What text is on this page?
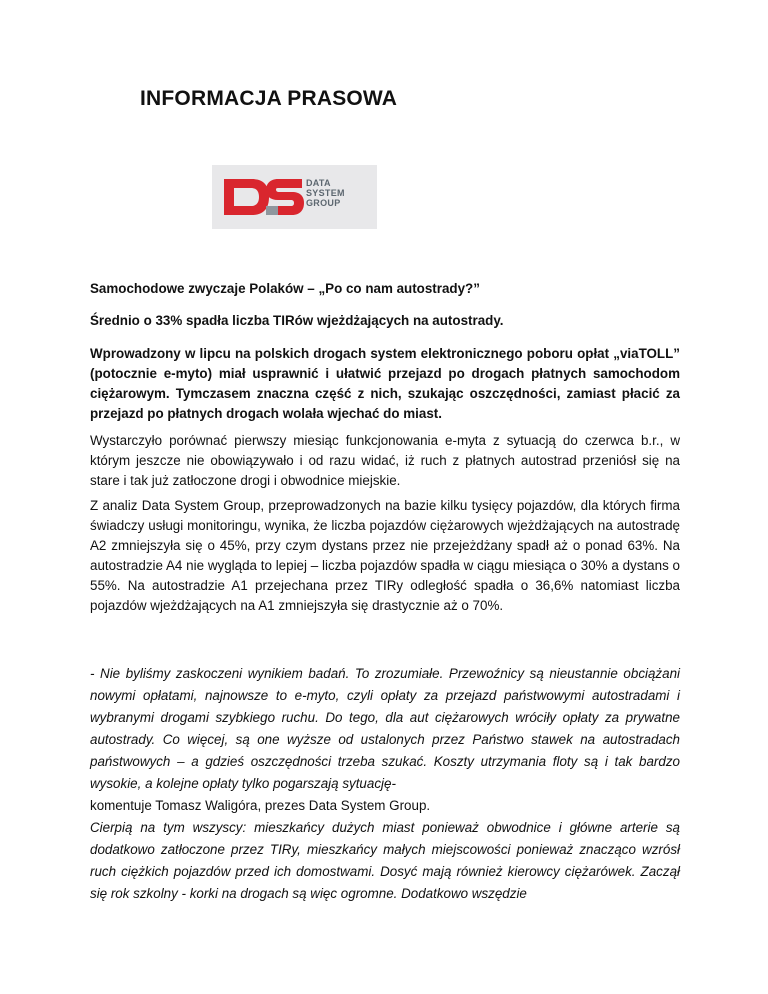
INFORMACJA PRASOWA
DATA
SYSTEM
GROUP

Samochodowe zwyczaje Polaków – „Po co nam autostrady?”

Średnio o 33% spadła liczba TIRów wjeżdżających na autostrady.

Wprowadzony w lipcu na polskich drogach system elektronicznego poboru opłat „viaTOLL” (potocznie e-myto) miał usprawnić i ułatwić przejazd po drogach płatnych samochodom ciężarowym. Tymczasem znaczna część z nich, szukając oszczędności, zamiast płacić za przejazd po płatnych drogach wolała wjechać do miast.

Wystarczyło porównać pierwszy miesiąc funkcjonowania e-myta z sytuacją do czerwca b.r., w którym jeszcze nie obowiązywało i od razu widać, iż ruch z płatnych autostrad przeniósł się na stare i tak już zatłoczone drogi i obwodnice miejskie.

Z analiz Data System Group, przeprowadzonych na bazie kilku tysięcy pojazdów, dla których firma świadczy usługi monitoringu, wynika, że liczba pojazdów ciężarowych wjeżdżających na autostradę A2 zmniejszyła się o 45%, przy czym dystans przez nie przejeżdżany spadł aż o ponad 63%. Na autostradzie A4 nie wygląda to lepiej – liczba pojazdów spadła w ciągu miesiąca o 30% a dystans o 55%. Na autostradzie A1 przejechana przez TIRy odległość spadła o 36,6% natomiast liczba pojazdów wjeżdżających na A1 zmniejszyła się drastycznie aż o 70%.

- Nie byliśmy zaskoczeni wynikiem badań. To zrozumiałe. Przewoźnicy są nieustannie obciążani nowymi opłatami, najnowsze to e-myto, czyli opłaty za przejazd państwowymi autostradami i wybranymi drogami szybkiego ruchu. Do tego, dla aut ciężarowych wróciły opłaty za prywatne autostrady. Co więcej, są one wyższe od ustalonych przez Państwo stawek na autostradach państwowych – a gdzieś oszczędności trzeba szukać. Koszty utrzymania floty są i tak bardzo wysokie, a kolejne opłaty tylko pogarszają sytuację-
komentuje Tomasz Waligóra, prezes Data System Group.
Cierpią na tym wszyscy: mieszkańcy dużych miast ponieważ obwodnice i główne arterie są dodatkowo zatłoczone przez TIRy, mieszkańcy małych miejscowości ponieważ znacząco wzrósł ruch ciężkich pojazdów przed ich domostwami. Dosyć mają również kierowcy ciężarówek. Zaczął się rok szkolny - korki na drogach są więc ogromne. Dodatkowo wszędzie
